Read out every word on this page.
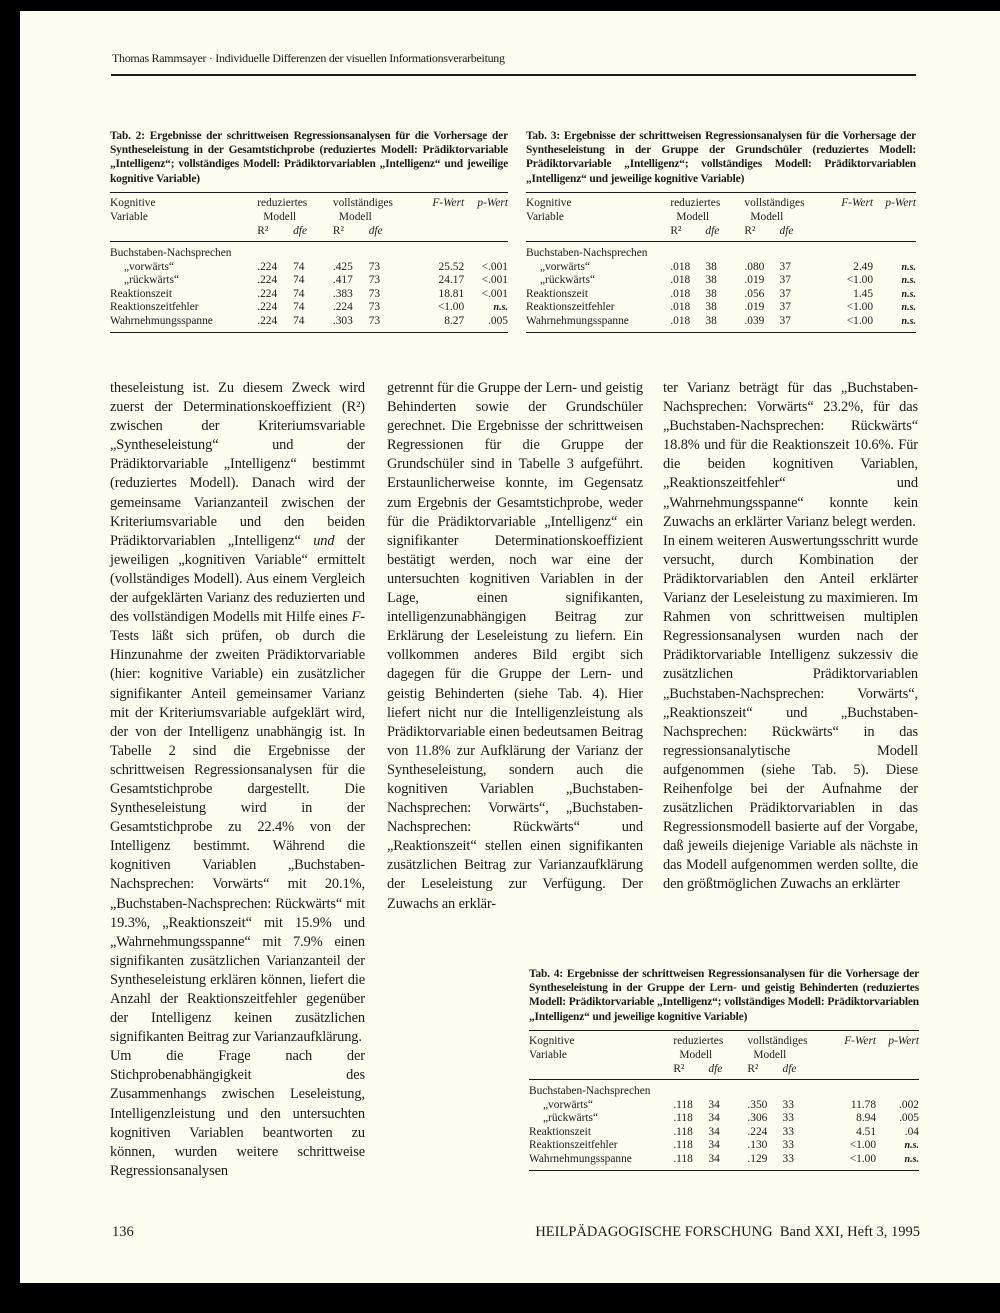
Thomas Rammsayer · Individuelle Differenzen der visuellen Informationsverarbeitung
Tab. 2: Ergebnisse der schrittweisen Regressionsanalysen für die Vorhersage der Syntheseleistung in der Gesamtstichprobe (reduziertes Modell: Prädiktorvariable „Intelligenz“; vollständiges Modell: Prädiktorvariablen „Intelligenz“ und jeweilige kognitive Variable)
Kognitive	reduziertes		vollständiges		F-Wert	p-Wert
Variable	Modell		Modell			
	R²	dfe	R²	dfe		

Buchstaben-Nachsprechen						
„vorwärts“	.224	74	.425	73	25.52	<.001
„rückwärts“	.224	74	.417	73	24.17	<.001
Reaktionszeit	.224	74	.383	73	18.81	<.001
Reaktionszeitfehler	.224	74	.224	73	<1.00	n.s.
Wahrnehmungsspanne	.224	74	.303	73	8.27	.005

Tab. 3: Ergebnisse der schrittweisen Regressionsanalysen für die Vorhersage der Syntheseleistung in der Gruppe der Grundschüler (reduziertes Modell: Prädiktorvariable „Intelligenz“; vollständiges Modell: Prädiktorvariablen „Intelligenz“ und jeweilige kognitive Variable)
Kognitive	reduziertes		vollständiges		F-Wert	p-Wert
Variable	Modell		Modell			
	R²	dfe	R²	dfe		

Buchstaben-Nachsprechen						
„vorwärts“	.018	38	.080	37	2.49	n.s.
„rückwärts“	.018	38	.019	37	<1.00	n.s.
Reaktionszeit	.018	38	.056	37	1.45	n.s.
Reaktionszeitfehler	.018	38	.019	37	<1.00	n.s.
Wahrnehmungsspanne	.018	38	.039	37	<1.00	n.s.

theseleistung ist. Zu diesem Zweck wird zuerst der Determinationskoeffizient (R²) zwischen der Kriteriumsvariable „Syntheseleistung“ und der Prädiktorvariable „Intelligenz“ bestimmt (reduziertes Modell). Danach wird der gemeinsame Varianzanteil zwischen der Kriteriumsvariable und den beiden Prädiktorvariablen „Intelligenz“ und der jeweiligen „kognitiven Variable“ ermittelt (vollständiges Modell). Aus einem Vergleich der aufgeklärten Varianz des reduzierten und des vollständigen Modells mit Hilfe eines F-Tests läßt sich prüfen, ob durch die Hinzunahme der zweiten Prädiktorvariable (hier: kognitive Variable) ein zusätzlicher signifikanter Anteil gemeinsamer Varianz mit der Kriteriumsvariable aufgeklärt wird, der von der Intelligenz unabhängig ist. In Tabelle 2 sind die Ergebnisse der schrittweisen Regressionsanalysen für die Gesamtstichprobe dargestellt. Die Syntheseleistung wird in der Gesamtstichprobe zu 22.4% von der Intelligenz bestimmt. Während die kognitiven Variablen „Buchstaben-Nachsprechen: Vorwärts“ mit 20.1%, „Buchstaben-Nachsprechen: Rückwärts“ mit 19.3%, „Reaktionszeit“ mit 15.9% und „Wahrnehmungsspanne“ mit 7.9% einen signifikanten zusätzlichen Varianzanteil der Syntheseleistung erklären können, liefert die Anzahl der Reaktionszeitfehler gegenüber der Intelligenz keinen zusätzlichen signifikanten Beitrag zur Varianzaufklärung.

Um die Frage nach der Stichprobenabhängigkeit des Zusammenhangs zwischen Leseleistung, Intelligenzleistung und den untersuchten kognitiven Variablen beantworten zu können, wurden weitere schrittweise Regressionsanalysen

getrennt für die Gruppe der Lern- und geistig Behinderten sowie der Grundschüler gerechnet. Die Ergebnisse der schrittweisen Regressionen für die Gruppe der Grundschüler sind in Tabelle 3 aufgeführt. Erstaunlicherweise konnte, im Gegensatz zum Ergebnis der Gesamtstichprobe, weder für die Prädiktorvariable „Intelligenz“ ein signifikanter Determinationskoeffizient bestätigt werden, noch war eine der untersuchten kognitiven Variablen in der Lage, einen signifikanten, intelligenzunabhängigen Beitrag zur Erklärung der Leseleistung zu liefern. Ein vollkommen anderes Bild ergibt sich dagegen für die Gruppe der Lern- und geistig Behinderten (siehe Tab. 4). Hier liefert nicht nur die Intelligenzleistung als Prädiktorvariable einen bedeutsamen Beitrag von 11.8% zur Aufklärung der Varianz der Syntheseleistung, sondern auch die kognitiven Variablen „Buchstaben-Nachsprechen: Vorwärts“, „Buchstaben-Nachsprechen: Rückwärts“ und „Reaktionszeit“ stellen einen signifikanten zusätzlichen Beitrag zur Varianzaufklärung der Leseleistung zur Verfügung. Der Zuwachs an erklär-

ter Varianz beträgt für das „Buchstaben-Nachsprechen: Vorwärts“ 23.2%, für das „Buchstaben-Nachsprechen: Rückwärts“ 18.8% und für die Reaktionszeit 10.6%. Für die beiden kognitiven Variablen, „Reaktionszeitfehler“ und „Wahrnehmungsspanne“ konnte kein Zuwachs an erklärter Varianz belegt werden.

In einem weiteren Auswertungsschritt wurde versucht, durch Kombination der Prädiktorvariablen den Anteil erklärter Varianz der Leseleistung zu maximieren. Im Rahmen von schrittweisen multiplen Regressionsanalysen wurden nach der Prädiktorvariable Intelligenz sukzessiv die zusätzlichen Prädiktorvariablen „Buchstaben-Nachsprechen: Vorwärts“, „Reaktionszeit“ und „Buchstaben-Nachsprechen: Rückwärts“ in das regressionsanalytische Modell aufgenommen (siehe Tab. 5). Diese Reihenfolge bei der Aufnahme der zusätzlichen Prädiktorvariablen in das Regressionsmodell basierte auf der Vorgabe, daß jeweils diejenige Variable als nächste in das Modell aufgenommen werden sollte, die den größtmöglichen Zuwachs an erklärter

Tab. 4: Ergebnisse der schrittweisen Regressionsanalysen für die Vorhersage der Syntheseleistung in der Gruppe der Lern- und geistig Behinderten (reduziertes Modell: Prädiktorvariable „Intelligenz“; vollständiges Modell: Prädiktorvariablen „Intelligenz“ und jeweilige kognitive Variable)
Kognitive	reduziertes		vollständiges		F-Wert	p-Wert
Variable	Modell		Modell			
	R²	dfe	R²	dfe		

Buchstaben-Nachsprechen						
„vorwärts“	.118	34	.350	33	11.78	.002
„rückwärts“	.118	34	.306	33	8.94	.005
Reaktionszeit	.118	34	.224	33	4.51	.04
Reaktionszeitfehler	.118	34	.130	33	<1.00	n.s.
Wahrnehmungsspanne	.118	34	.129	33	<1.00	n.s.

136	HEILPÄDAGOGISCHE FORSCHUNG Band XXI, Heft 3, 1995
